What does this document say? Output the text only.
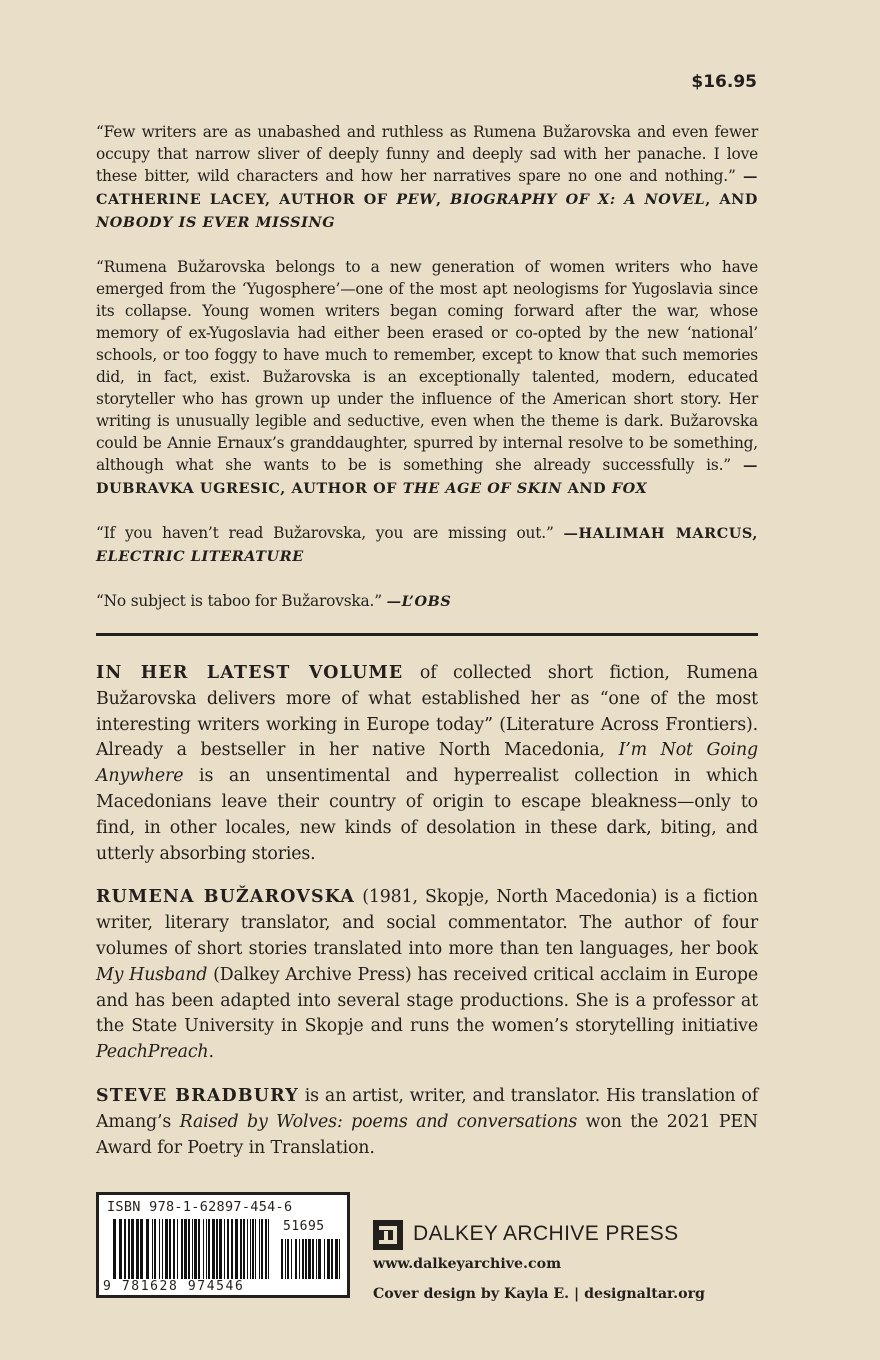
$16.95

“Few writers are as unabashed and ruthless as Rumena Bužarovska and even fewer occupy that narrow sliver of deeply funny and deeply sad with her panache. I love these bitter, wild characters and how her narratives spare no one and nothing.” —CATHERINE LACEY, AUTHOR OF PEW, BIOGRAPHY OF X: A NOVEL, AND NOBODY IS EVER MISSING

“Rumena Bužarovska belongs to a new generation of women writers who have emerged from the ‘Yugosphere’—one of the most apt neologisms for Yugoslavia since its collapse. Young women writers began coming forward after the war, whose memory of ex-Yugoslavia had either been erased or co-opted by the new ‘national’ schools, or too foggy to have much to remember, except to know that such memories did, in fact, exist. Bužarovska is an exceptionally talented, modern, educated storyteller who has grown up under the influence of the American short story. Her writing is unusually legible and seductive, even when the theme is dark. Bužarovska could be Annie Ernaux’s granddaughter, spurred by internal resolve to be something, although what she wants to be is something she already successfully is.” —DUBRAVKA UGRESIC, AUTHOR OF THE AGE OF SKIN AND FOX

“If you haven’t read Bužarovska, you are missing out.” —HALIMAH MARCUS, ELECTRIC LITERATURE

“No subject is taboo for Bužarovska.” —L’OBS

IN HER LATEST VOLUME of collected short fiction, Rumena Bužarovska delivers more of what established her as “one of the most interesting writers working in Europe today” (Literature Across Frontiers). Already a bestseller in her native North Macedonia, I’m Not Going Anywhere is an unsentimental and hyperrealist collection in which Macedonians leave their country of origin to escape bleakness—only to find, in other locales, new kinds of desolation in these dark, biting, and utterly absorbing stories.

RUMENA BUŽAROVSKA (1981, Skopje, North Macedonia) is a fiction writer, literary translator, and social commentator. The author of four volumes of short stories translated into more than ten languages, her book My Husband (Dalkey Archive Press) has received critical acclaim in Europe and has been adapted into several stage productions. She is a professor at the State University in Skopje and runs the women’s storytelling initiative PeachPreach.

STEVE BRADBURY is an artist, writer, and translator. His translation of Amang’s Raised by Wolves: poems and conversations won the 2021 PEN Award for Poetry in Translation.

ISBN 978-1-62897-454-6
51695
9 781628 974546
DALKEY ARCHIVE PRESS
www.dalkeyarchive.com
Cover design by Kayla E. | designaltar.org
